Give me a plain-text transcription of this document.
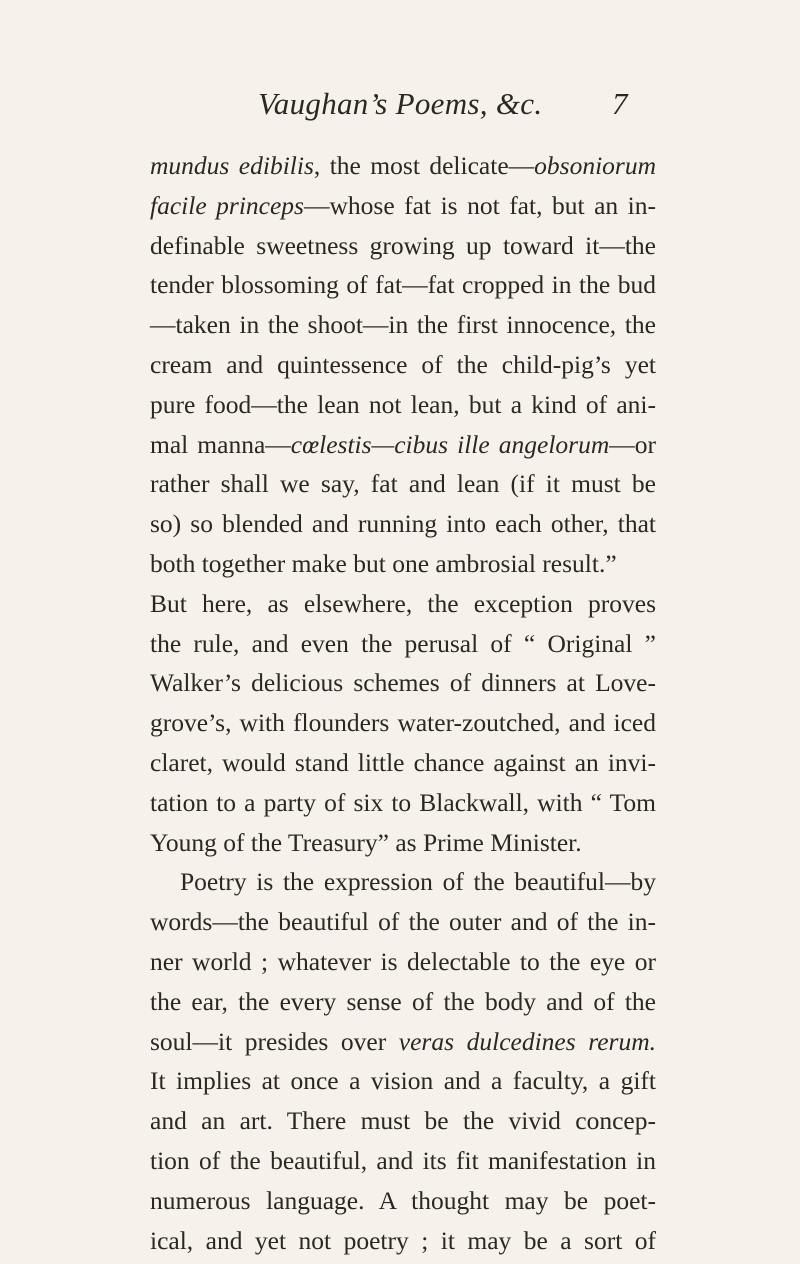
Vaughan’s Poems, &c. 7
mundus edibilis, the most delicate—obsoniorum
facile princeps—whose fat is not fat, but an in-
definable sweetness growing up toward it—the
tender blossoming of fat—fat cropped in the bud
—taken in the shoot—in the first innocence, the
cream and quintessence of the child-pig’s yet
pure food—the lean not lean, but a kind of ani-
mal manna—cœlestis—cibus ille angelorum—or
rather shall we say, fat and lean (if it must be
so) so blended and running into each other, that
both together make but one ambrosial result.”
But here, as elsewhere, the exception proves
the rule, and even the perusal of “ Original ”
Walker’s delicious schemes of dinners at Love-
grove’s, with flounders water-zoutched, and iced
claret, would stand little chance against an invi-
tation to a party of six to Blackwall, with “ Tom
Young of the Treasury” as Prime Minister.
Poetry is the expression of the beautiful—by
words—the beautiful of the outer and of the in-
ner world ; whatever is delectable to the eye or
the ear, the every sense of the body and of the
soul—it presides over veras dulcedines rerum.
It implies at once a vision and a faculty, a gift
and an art. There must be the vivid concep-
tion of the beautiful, and its fit manifestation in
numerous language. A thought may be poet-
ical, and yet not poetry ; it may be a sort of
